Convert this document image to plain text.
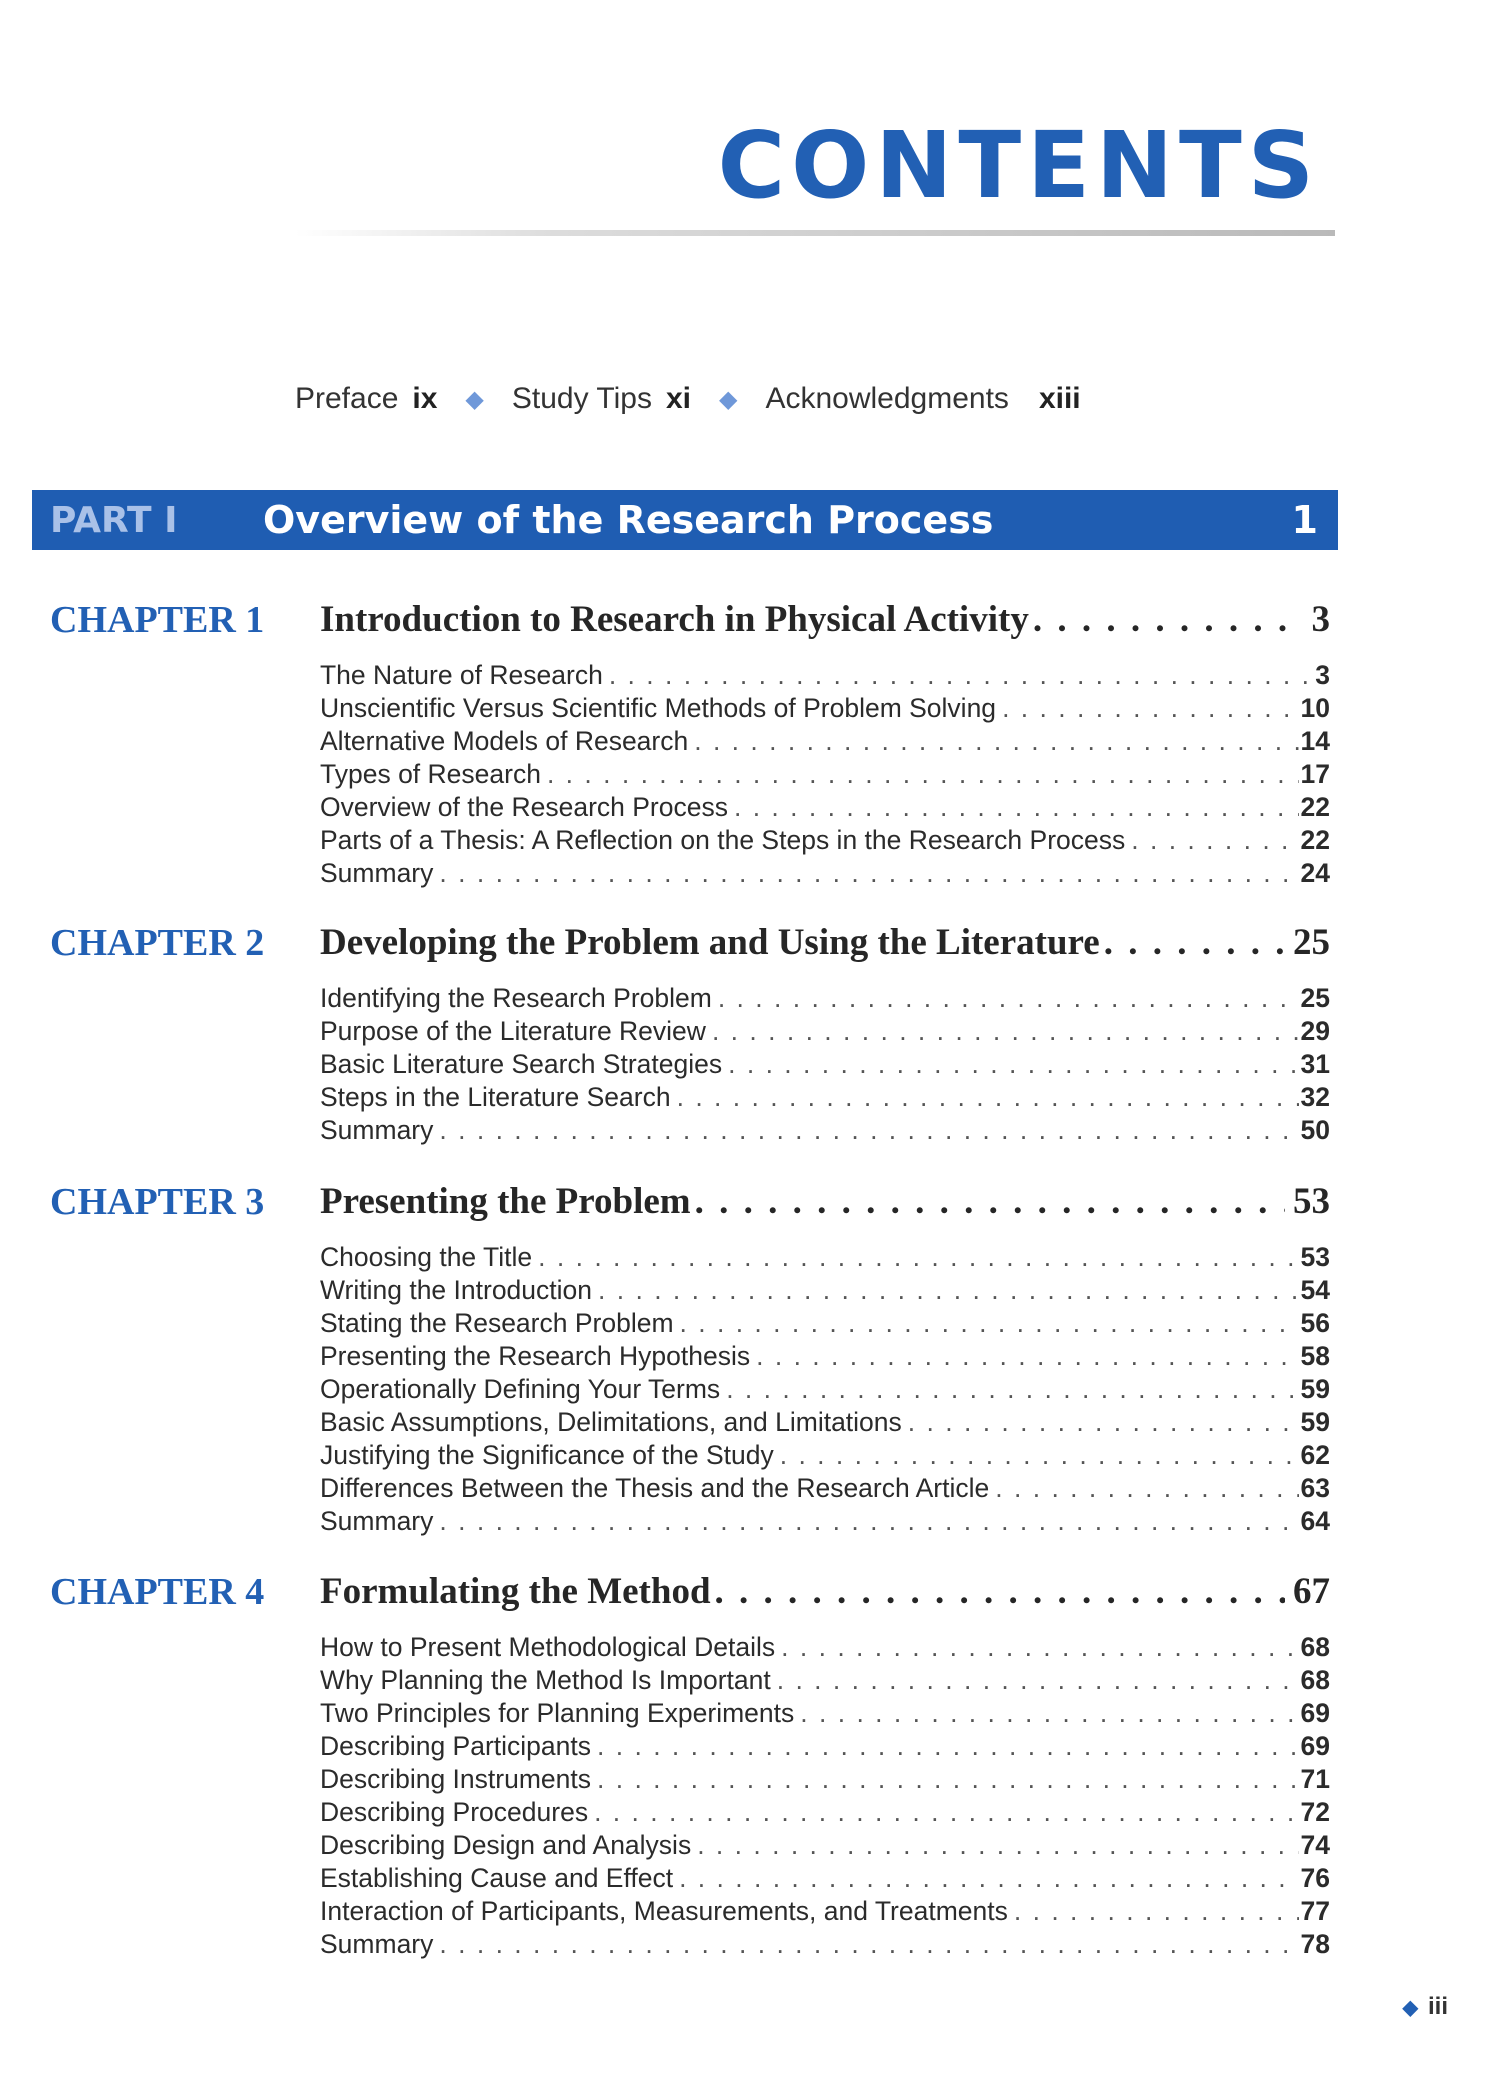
CONTENTS
Preface ix ◆ Study Tips xi ◆ Acknowledgments xiii
PART I	Overview of the Research Process	1
CHAPTER 1 Introduction to Research in Physical Activity . . .	3
The Nature of Research . . .	3
Unscientific Versus Scientific Methods of Problem Solving . . .	10
Alternative Models of Research . . .	14
Types of Research . . .	17
Overview of the Research Process . . .	22
Parts of a Thesis: A Reflection on the Steps in the Research Process . . .	22
Summary . . .	24
CHAPTER 2 Developing the Problem and Using the Literature . . .	25
Identifying the Research Problem . . .	25
Purpose of the Literature Review . . .	29
Basic Literature Search Strategies . . .	31
Steps in the Literature Search . . .	32
Summary . . .	50
CHAPTER 3 Presenting the Problem . . .	53
Choosing the Title . . .	53
Writing the Introduction . . .	54
Stating the Research Problem . . .	56
Presenting the Research Hypothesis . . .	58
Operationally Defining Your Terms . . .	59
Basic Assumptions, Delimitations, and Limitations . . .	59
Justifying the Significance of the Study . . .	62
Differences Between the Thesis and the Research Article . . .	63
Summary . . .	64
CHAPTER 4 Formulating the Method . . .	67
How to Present Methodological Details . . .	68
Why Planning the Method Is Important . . .	68
Two Principles for Planning Experiments . . .	69
Describing Participants . . .	69
Describing Instruments . . .	71
Describing Procedures . . .	72
Describing Design and Analysis . . .	74
Establishing Cause and Effect . . .	76
Interaction of Participants, Measurements, and Treatments . . .	77
Summary . . .	78
◆ iii
